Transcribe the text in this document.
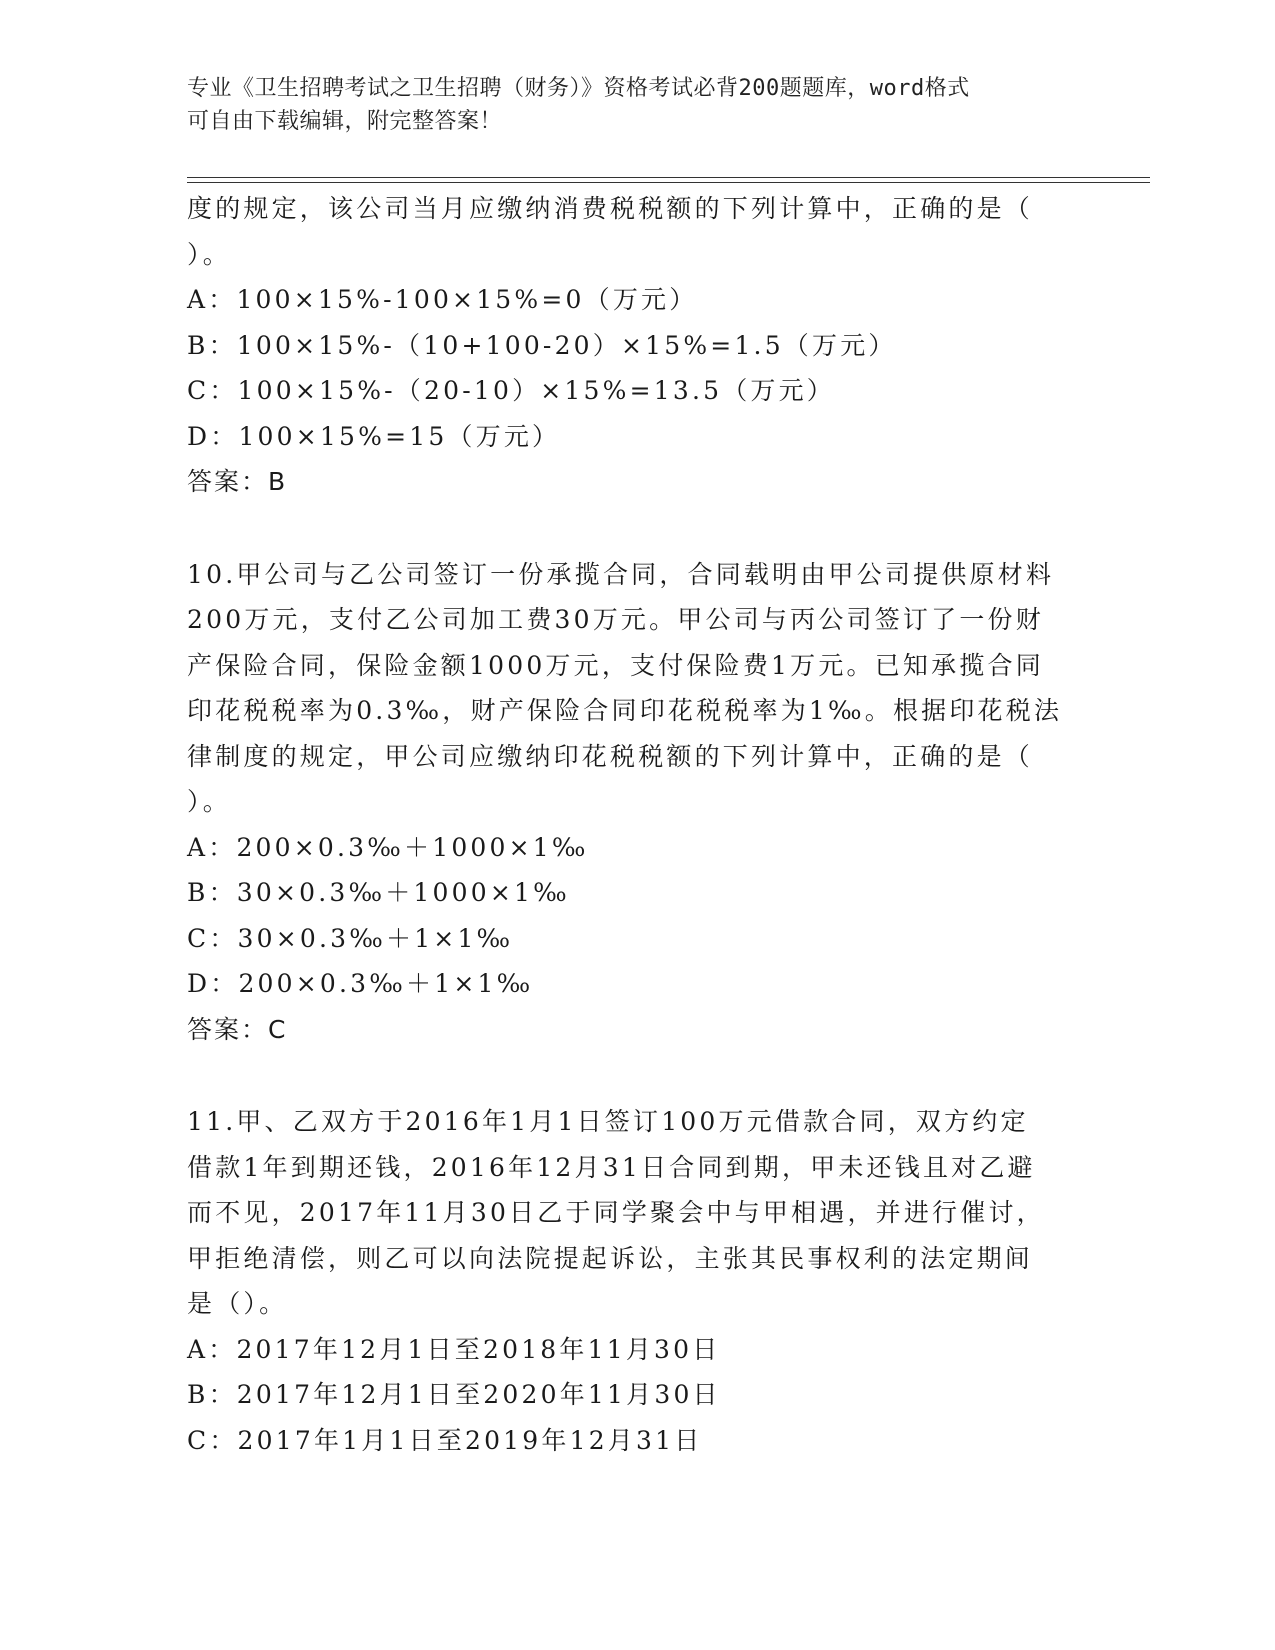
专业《卫生招聘考试之卫生招聘（财务）》资格考试必背200题题库，word格式
可自由下载编辑，附完整答案！
度的规定，该公司当月应缴纳消费税税额的下列计算中，正确的是（
）。
A：100×15%-100×15%=0（万元）
B：100×15%-（10+100-20）×15%=1.5（万元）
C：100×15%-（20-10）×15%=13.5（万元）
D：100×15%=15（万元）
答案：B
10.甲公司与乙公司签订一份承揽合同，合同载明由甲公司提供原材料
200万元，支付乙公司加工费30万元。甲公司与丙公司签订了一份财
产保险合同，保险金额1000万元，支付保险费1万元。已知承揽合同
印花税税率为0.3‰，财产保险合同印花税税率为1‰。根据印花税法
律制度的规定，甲公司应缴纳印花税税额的下列计算中，正确的是（
）。
A：200×0.3‰＋1000×1‰
B：30×0.3‰＋1000×1‰
C：30×0.3‰＋1×1‰
D：200×0.3‰＋1×1‰
答案：C
11.甲、乙双方于2016年1月1日签订100万元借款合同，双方约定
借款1年到期还钱，2016年12月31日合同到期，甲未还钱且对乙避
而不见，2017年11月30日乙于同学聚会中与甲相遇，并进行催讨，
甲拒绝清偿，则乙可以向法院提起诉讼，主张其民事权利的法定期间
是（）。
A：2017年12月1日至2018年11月30日
B：2017年12月1日至2020年11月30日
C：2017年1月1日至2019年12月31日
